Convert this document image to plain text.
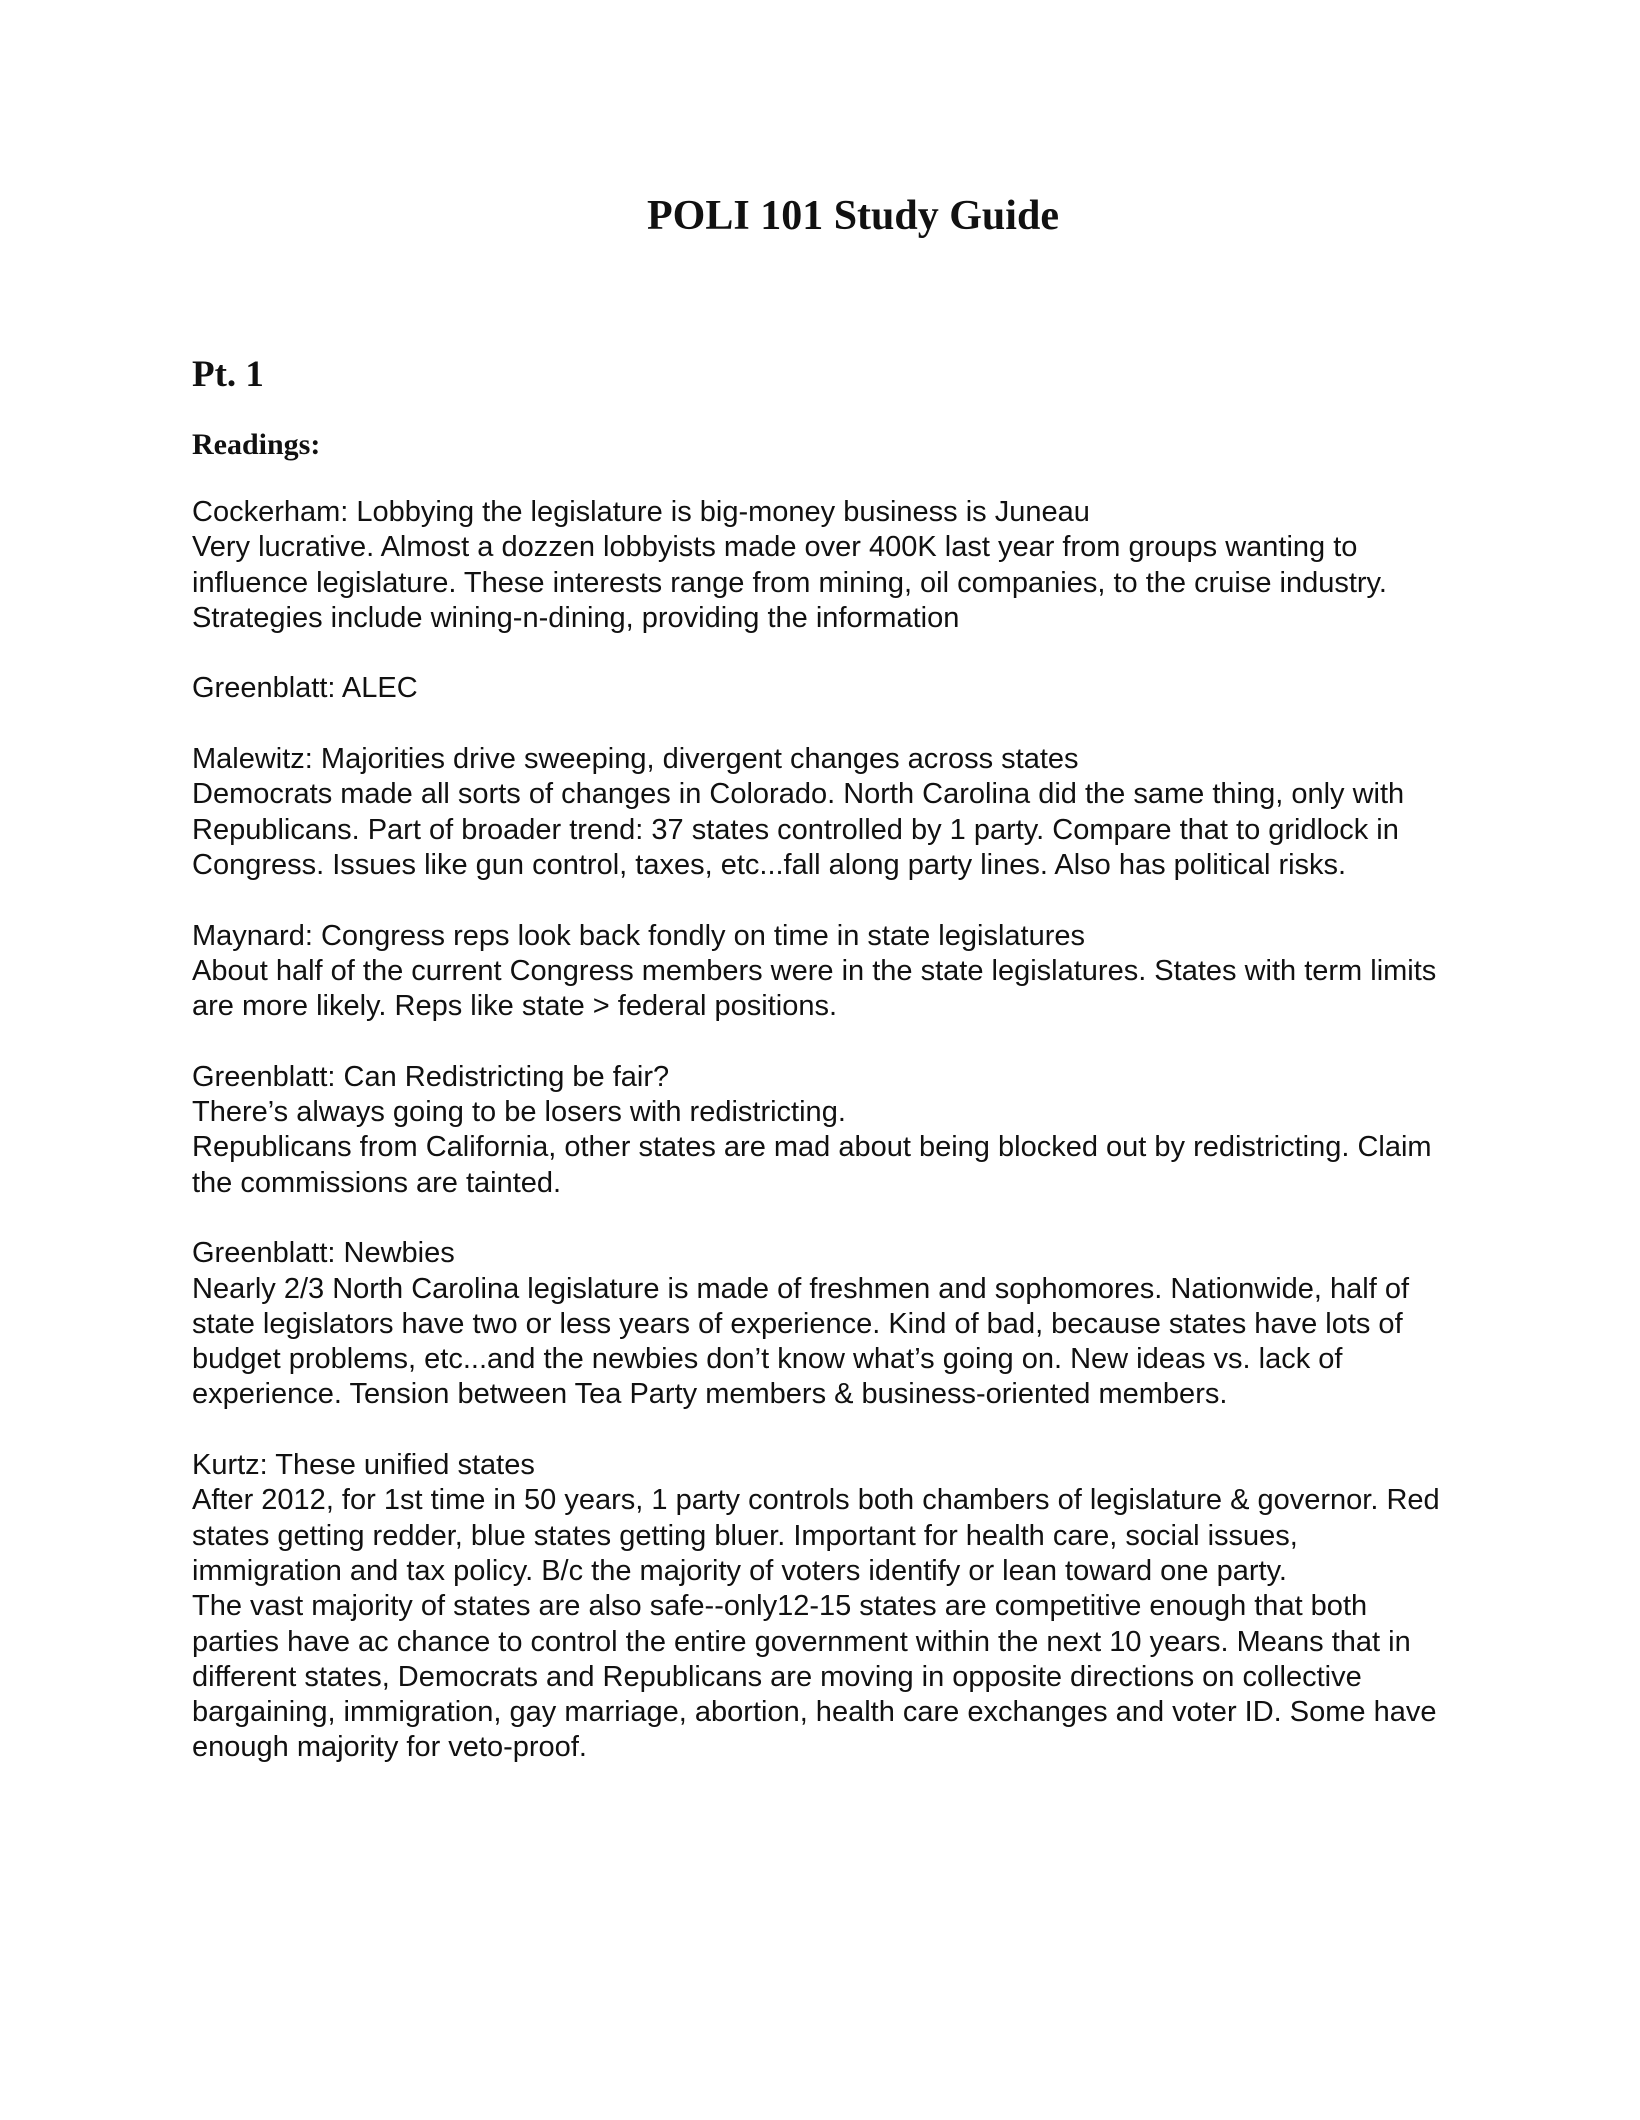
POLI 101 Study Guide
Pt. 1
Readings:
Cockerham: Lobbying the legislature is big-money business is Juneau
Very lucrative. Almost a dozzen lobbyists made over 400K last year from groups wanting to influence legislature. These interests range from mining, oil companies, to the cruise industry.
Strategies include wining-n-dining, providing the information
Greenblatt: ALEC
Malewitz: Majorities drive sweeping, divergent changes across states
Democrats made all sorts of changes in Colorado. North Carolina did the same thing, only with Republicans. Part of broader trend: 37 states controlled by 1 party. Compare that to gridlock in Congress. Issues like gun control, taxes, etc...fall along party lines. Also has political risks.
Maynard: Congress reps look back fondly on time in state legislatures
About half of the current Congress members were in the state legislatures. States with term limits are more likely. Reps like state > federal positions.
Greenblatt: Can Redistricting be fair?
There’s always going to be losers with redistricting.
Republicans from California, other states are mad about being blocked out by redistricting. Claim the commissions are tainted.
Greenblatt: Newbies
Nearly 2/3 North Carolina legislature is made of freshmen and sophomores. Nationwide, half of state legislators have two or less years of experience. Kind of bad, because states have lots of budget problems, etc...and the newbies don’t know what’s going on. New ideas vs. lack of experience. Tension between Tea Party members & business-oriented members.
Kurtz: These unified states
After 2012, for 1st time in 50 years, 1 party controls both chambers of legislature & governor. Red states getting redder, blue states getting bluer. Important for health care, social issues, immigration and tax policy. B/c the majority of voters identify or lean toward one party.
The vast majority of states are also safe--only12-15 states are competitive enough that both parties have ac chance to control the entire government within the next 10 years. Means that in different states, Democrats and Republicans are moving in opposite directions on collective bargaining, immigration, gay marriage, abortion, health care exchanges and voter ID. Some have enough majority for veto-proof.
